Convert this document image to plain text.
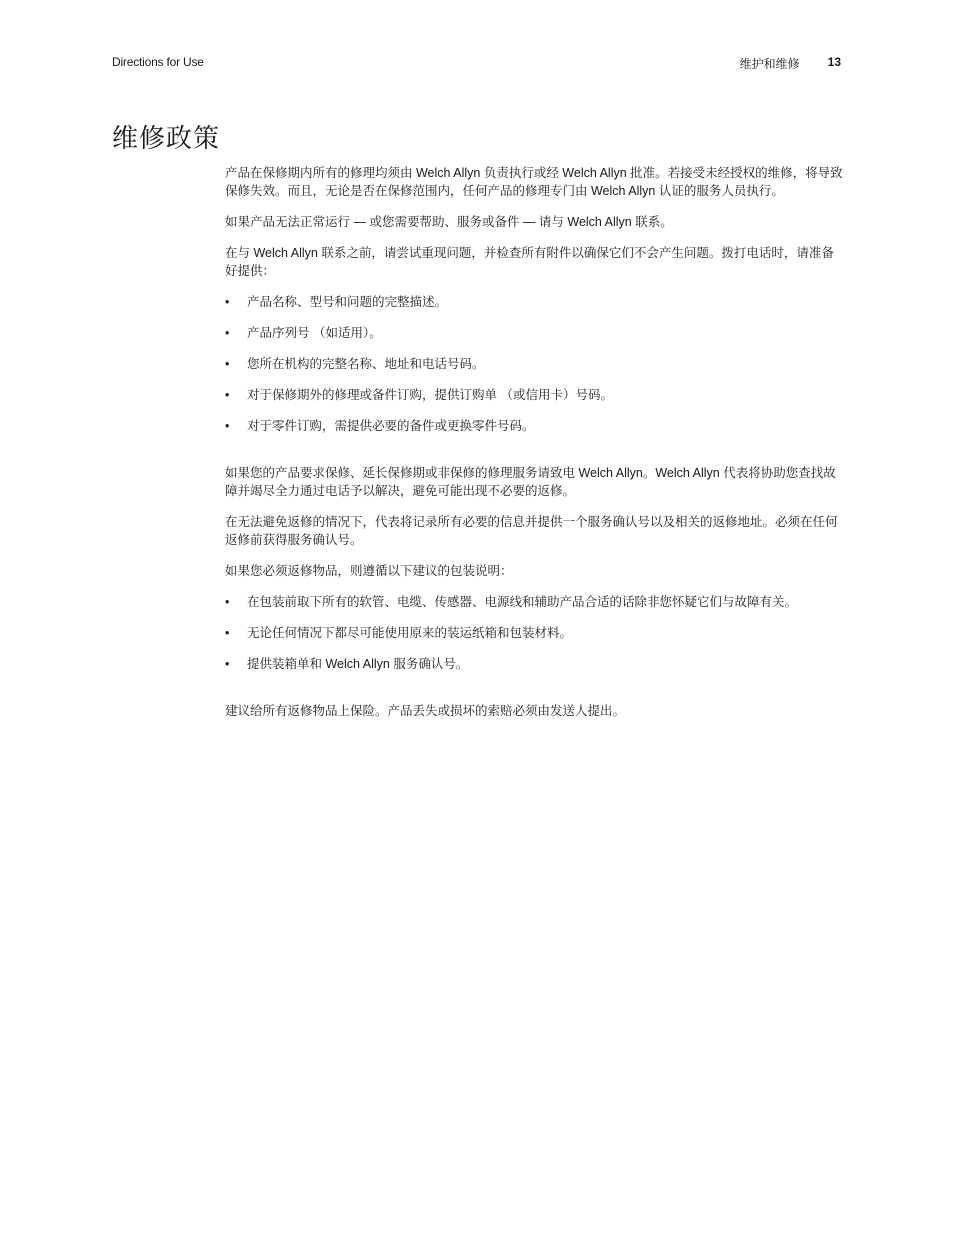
Directions for Use	维护和维修 13
维修政策

产品在保修期内所有的修理均须由 Welch Allyn 负责执行或经 Welch Allyn 批准。若接受未经授权的维修，将导致保修失效。而且，无论是否在保修范围内，任何产品的修理专门由 Welch Allyn 认证的服务人员执行。

如果产品无法正常运行 — 或您需要帮助、服务或备件 — 请与 Welch Allyn 联系。

在与 Welch Allyn 联系之前，请尝试重现问题，并检查所有附件以确保它们不会产生问题。拨打电话时，请准备好提供：

• 产品名称、型号和问题的完整描述。
• 产品序列号 （如适用）。
• 您所在机构的完整名称、地址和电话号码。
• 对于保修期外的修理或备件订购，提供订购单 （或信用卡）号码。
• 对于零件订购，需提供必要的备件或更换零件号码。

如果您的产品要求保修、延长保修期或非保修的修理服务请致电 Welch Allyn。Welch Allyn 代表将协助您查找故障并竭尽全力通过电话予以解决，避免可能出现不必要的返修。

在无法避免返修的情况下，代表将记录所有必要的信息并提供一个服务确认号以及相关的返修地址。必须在任何返修前获得服务确认号。

如果您必须返修物品，则遵循以下建议的包装说明：

• 在包装前取下所有的软管、电缆、传感器、电源线和辅助产品合适的话除非您怀疑它们与故障有关。
• 无论任何情况下都尽可能使用原来的装运纸箱和包装材料。
• 提供装箱单和 Welch Allyn 服务确认号。

建议给所有返修物品上保险。产品丢失或损坏的索赔必须由发送人提出。
